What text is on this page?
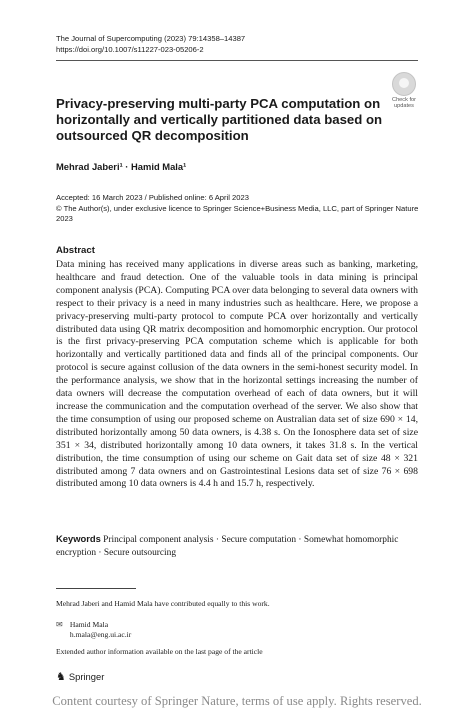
The Journal of Supercomputing (2023) 79:14358–14387
https://doi.org/10.1007/s11227-023-05206-2
Check for
updates
Privacy-preserving multi-party PCA computation on horizontally and vertically partitioned data based on outsourced QR decomposition
Mehrad Jaberi¹ · Hamid Mala¹
Accepted: 16 March 2023 / Published online: 6 April 2023
© The Author(s), under exclusive licence to Springer Science+Business Media, LLC, part of Springer Nature
2023
Abstract

Data mining has received many applications in diverse areas such as banking, marketing, healthcare and fraud detection. One of the valuable tools in data mining is principal component analysis (PCA). Computing PCA over data belonging to several data owners with respect to their privacy is a need in many industries such as healthcare. Here, we propose a privacy-preserving multi-party protocol to compute PCA over horizontally and vertically distributed data using QR matrix decomposition and homomorphic encryption. Our protocol is the first privacy-preserving PCA computation scheme which is applicable for both horizontally and vertically partitioned data and finds all of the principal components. Our protocol is secure against collusion of the data owners in the semi-honest security model. In the performance analysis, we show that in the horizontal settings increasing the number of data owners will decrease the computation overhead of each of data owners, but it will increase the communication and the computation overhead of the server. We also show that the time consumption of using our proposed scheme on Australian data set of size 690 × 14, distributed horizontally among 50 data owners, is 4.38 s. On the Ionosphere data set of size 351 × 34, distributed horizontally among 10 data owners, it takes 31.8 s. In the vertical distribution, the time consumption of using our scheme on Gait data set of size 48 × 321 distributed among 7 data owners and on Gastrointestinal Lesions data set of size 76 × 698 distributed among 10 data owners is 4.4 h and 15.7 h, respectively.

Keywords Principal component analysis · Secure computation · Somewhat homomorphic encryption · Secure outsourcing
Mehrad Jaberi and Hamid Mala have contributed equally to this work.
✉ Hamid Mala
h.mala@eng.ui.ac.ir
Extended author information available on the last page of the article
♞ Springer
Content courtesy of Springer Nature, terms of use apply. Rights reserved.
